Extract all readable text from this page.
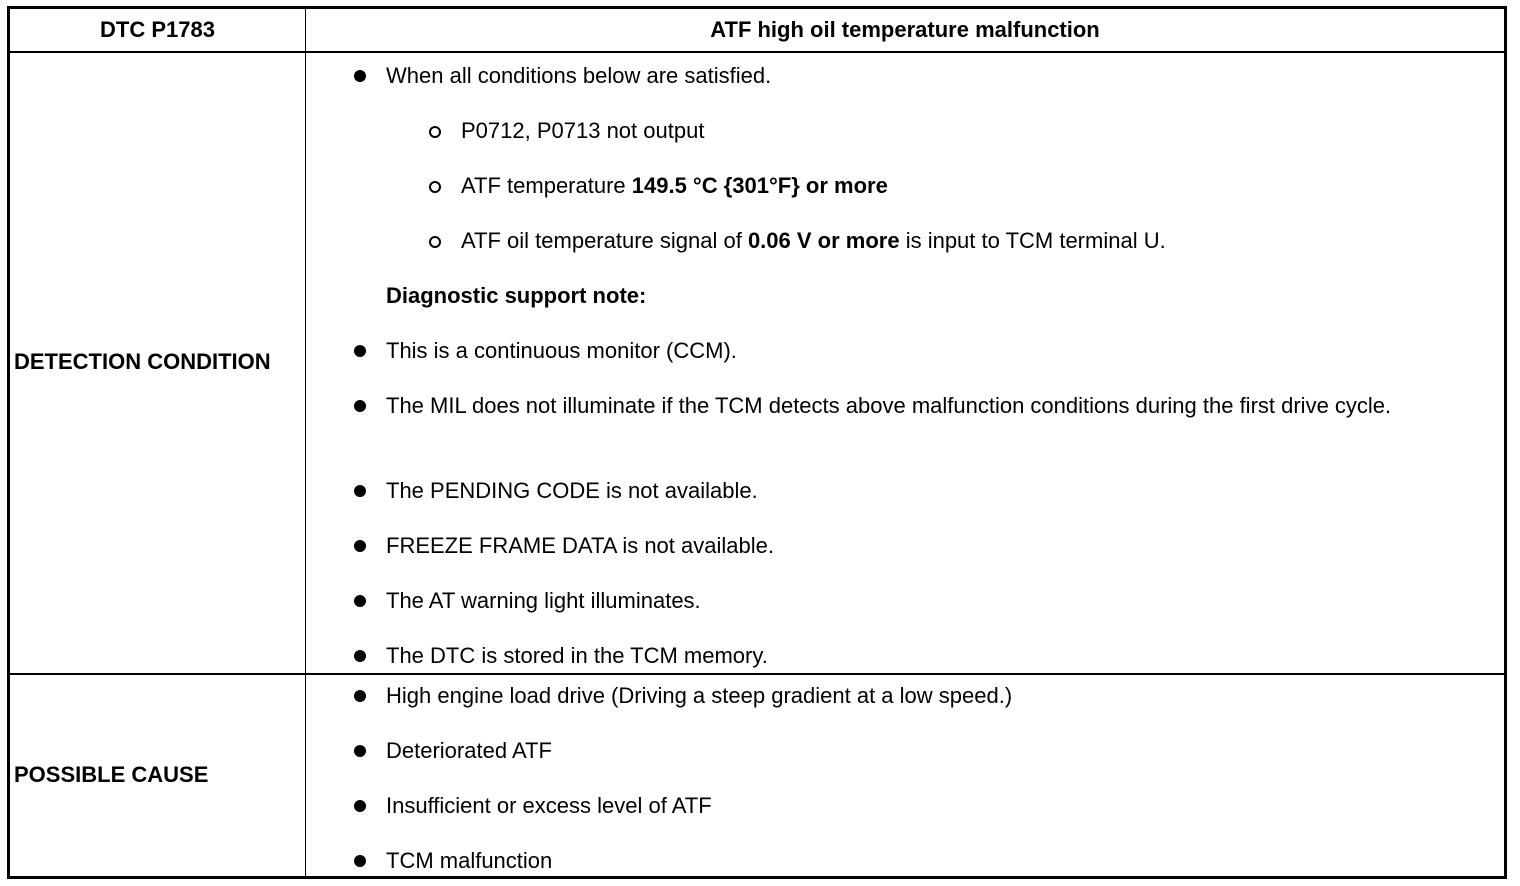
DTC P1783	ATF high oil temperature malfunction
DETECTION CONDITION
When all conditions below are satisfied.
P0712, P0713 not output
ATF temperature 149.5 °C {301°F} or more
ATF oil temperature signal of 0.06 V or more is input to TCM terminal U.
Diagnostic support note:
This is a continuous monitor (CCM).
The MIL does not illuminate if the TCM detects above malfunction conditions during the first drive cycle.
The PENDING CODE is not available.
FREEZE FRAME DATA is not available.
The AT warning light illuminates.
The DTC is stored in the TCM memory.
POSSIBLE CAUSE
High engine load drive (Driving a steep gradient at a low speed.)
Deteriorated ATF
Insufficient or excess level of ATF
TCM malfunction
